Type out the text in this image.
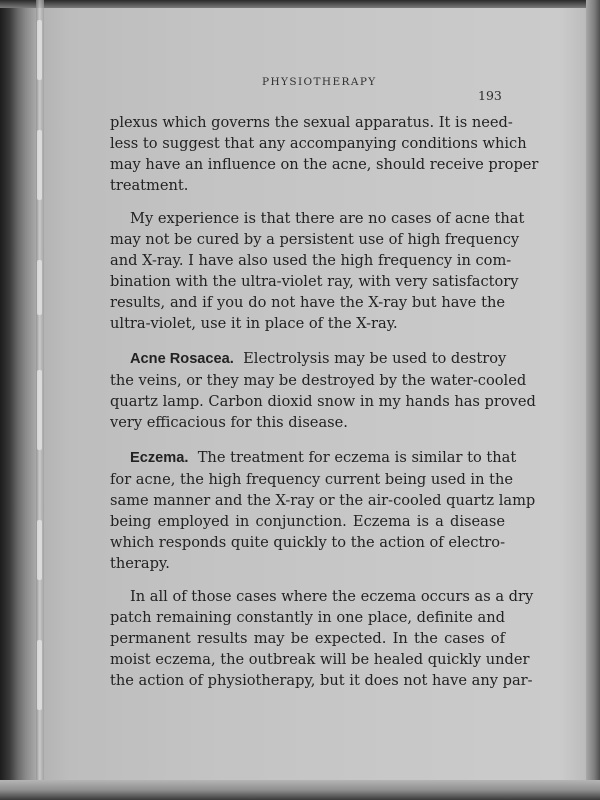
PHYSIOTHERAPY
193
plexus which governs the sexual apparatus. It is need-
less to suggest that any accompanying conditions which
may have an influence on the acne, should receive proper
treatment.
My experience is that there are no cases of acne that
may not be cured by a persistent use of high frequency
and X-ray. I have also used the high frequency in com-
bination with the ultra-violet ray, with very satisfactory
results, and if you do not have the X-ray but have the
ultra-violet, use it in place of the X-ray.
Acne Rosacea. Electrolysis may be used to destroy
the veins, or they may be destroyed by the water-cooled
quartz lamp. Carbon dioxid snow in my hands has proved
very efficacious for this disease.
Eczema. The treatment for eczema is similar to that
for acne, the high frequency current being used in the
same manner and the X-ray or the air-cooled quartz lamp
being employed in conjunction. Eczema is a disease
which responds quite quickly to the action of electro-
therapy.
In all of those cases where the eczema occurs as a dry
patch remaining constantly in one place, definite and
permanent results may be expected. In the cases of
moist eczema, the outbreak will be healed quickly under
the action of physiotherapy, but it does not have any par-
